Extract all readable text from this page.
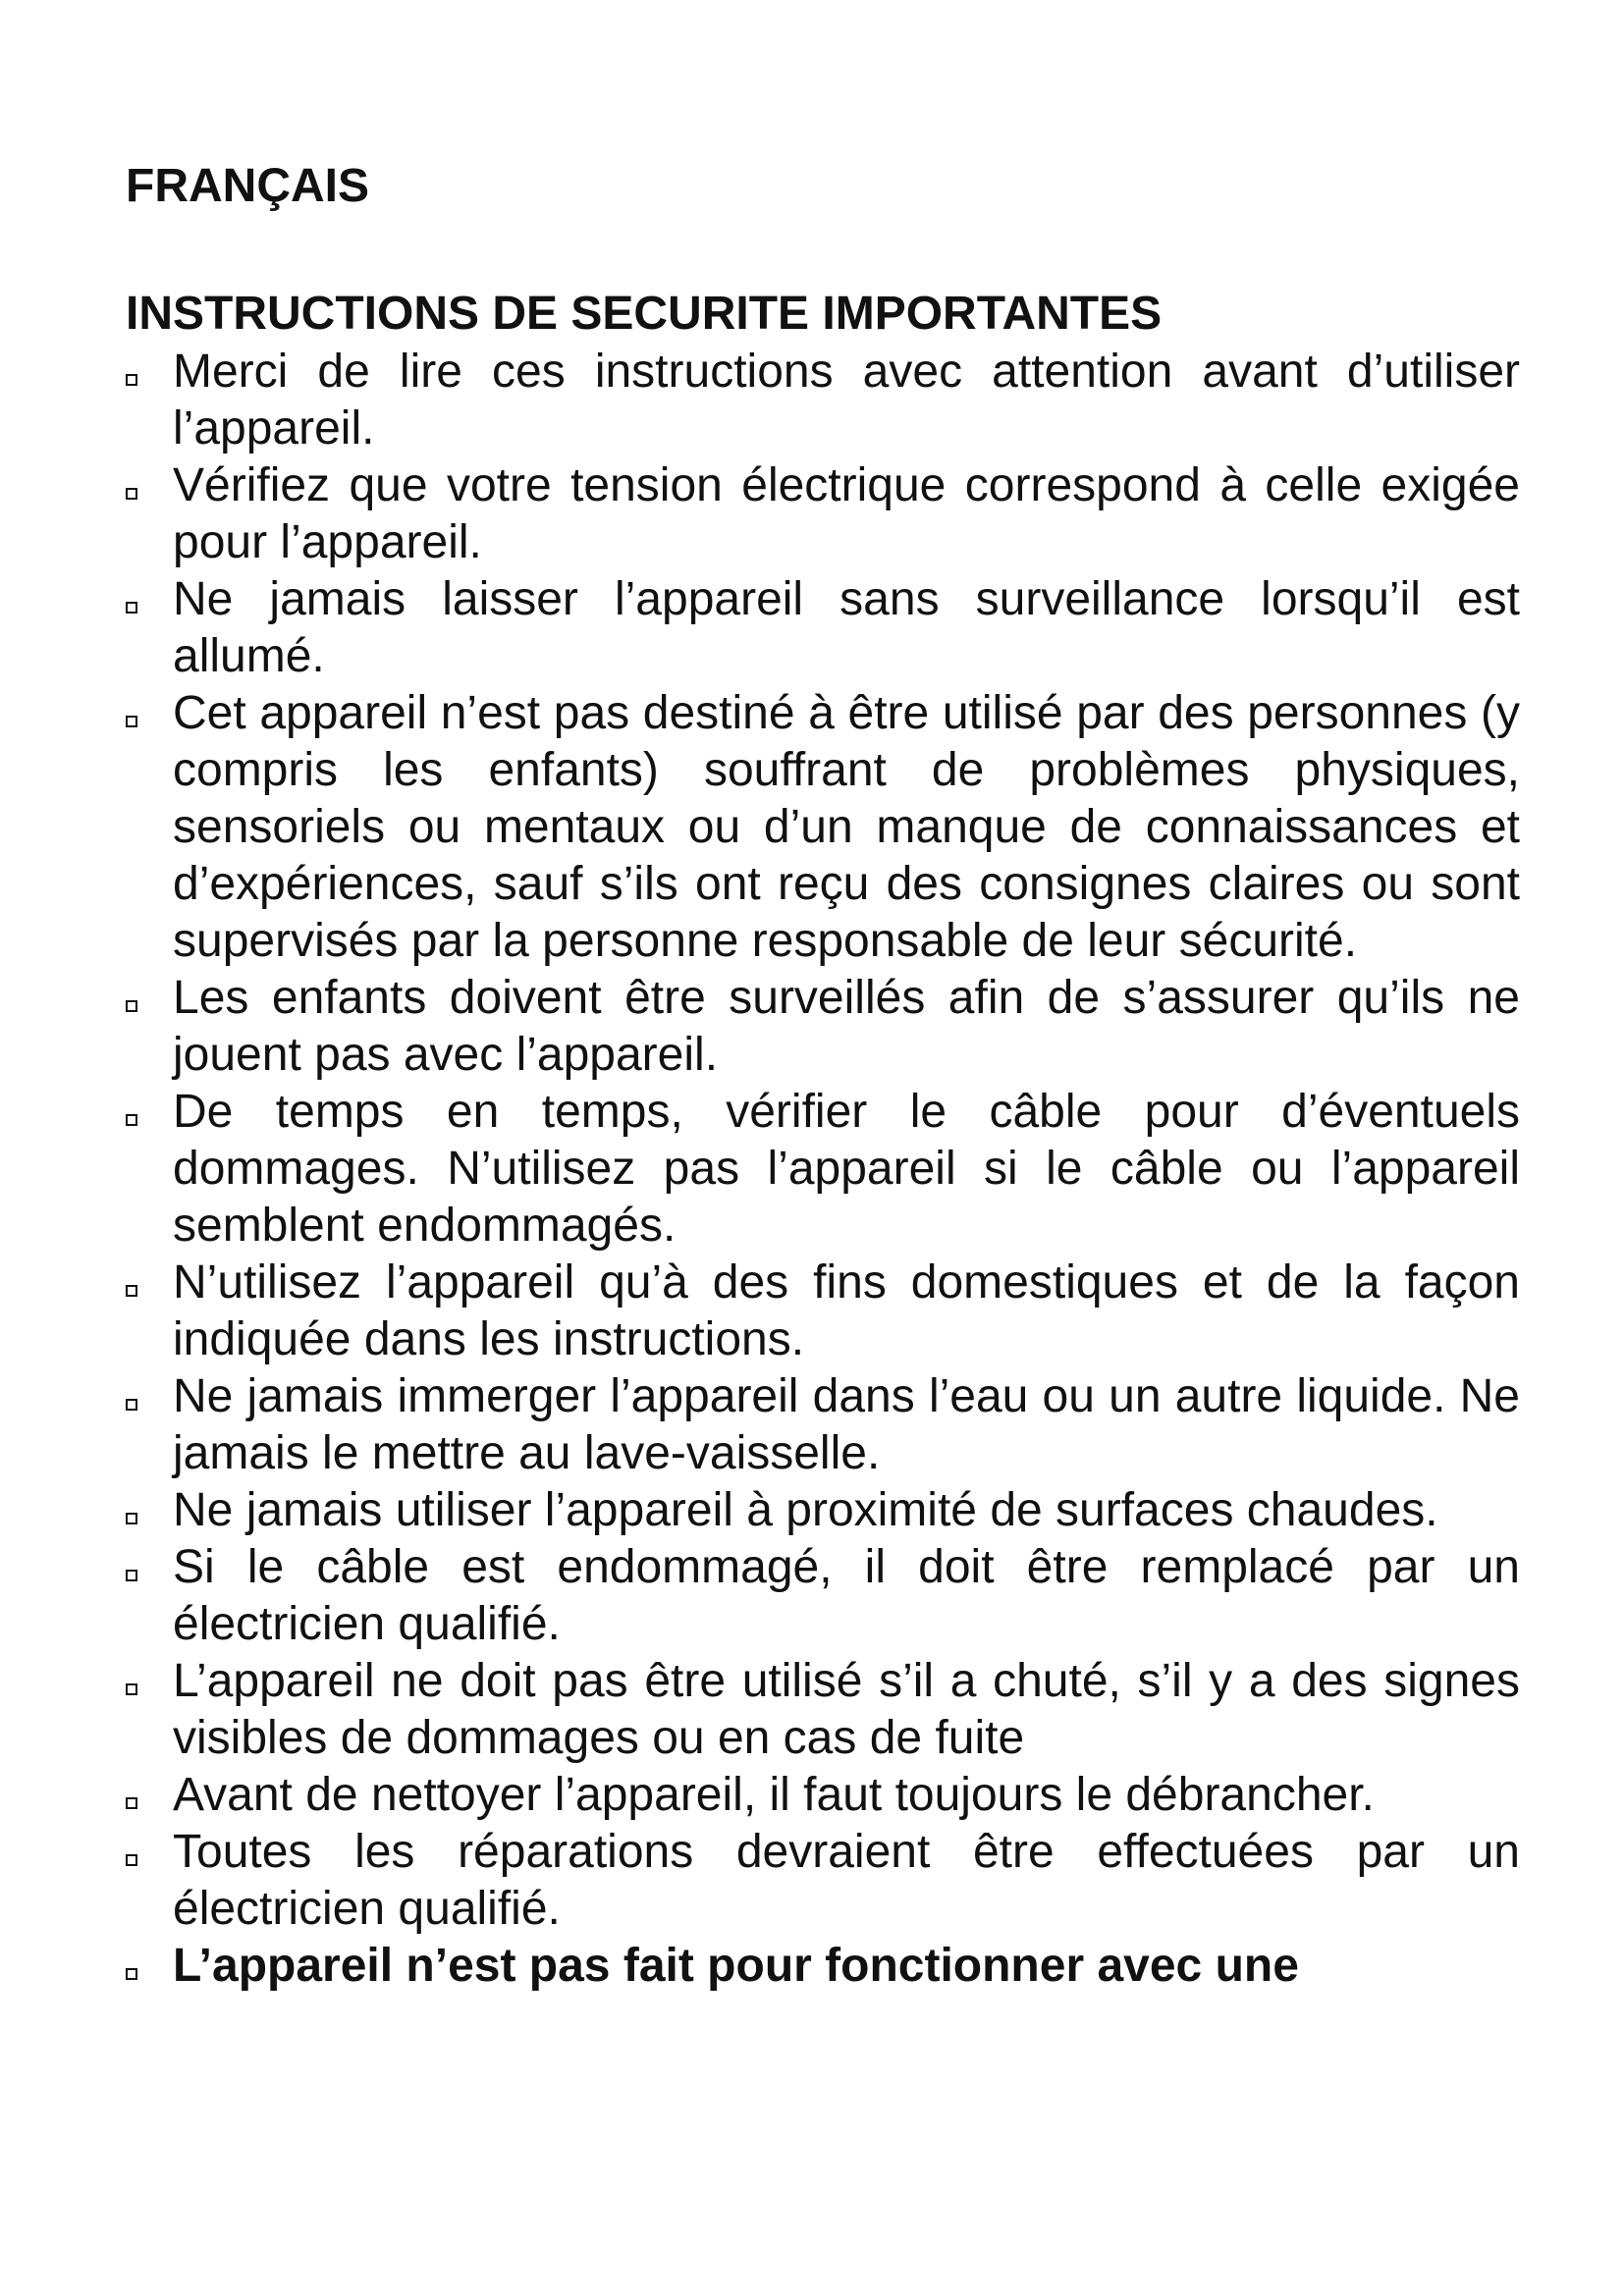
FRANÇAIS
INSTRUCTIONS DE SECURITE IMPORTANTES
Merci de lire ces instructions avec attention avant d’utiliser l’appareil.
Vérifiez que votre tension électrique correspond à celle exigée pour l’appareil.
Ne jamais laisser l’appareil sans surveillance lorsqu’il est allumé.
Cet appareil n’est pas destiné à être utilisé par des personnes (y compris les enfants) souffrant de problèmes physiques, sensoriels ou mentaux ou d’un manque de connaissances et d’expériences, sauf s’ils ont reçu des consignes claires ou sont supervisés par la personne responsable de leur sécurité.
Les enfants doivent être surveillés afin de s’assurer qu’ils ne jouent pas avec l’appareil.
De temps en temps, vérifier le câble pour d’éventuels dommages. N’utilisez pas l’appareil si le câble ou l’appareil semblent endommagés.
N’utilisez l’appareil qu’à des fins domestiques et de la façon indiquée dans les instructions.
Ne jamais immerger l’appareil dans l’eau ou un autre liquide. Ne jamais le mettre au lave-vaisselle.
Ne jamais utiliser l’appareil à proximité de surfaces chaudes.
Si le câble est endommagé, il doit être remplacé par un électricien qualifié.
L’appareil ne doit pas être utilisé s’il a chuté, s’il y a des signes visibles de dommages ou en cas de fuite
Avant de nettoyer l’appareil, il faut toujours le débrancher.
Toutes les réparations devraient être effectuées par un électricien qualifié.
L’appareil n’est pas fait pour fonctionner avec une
